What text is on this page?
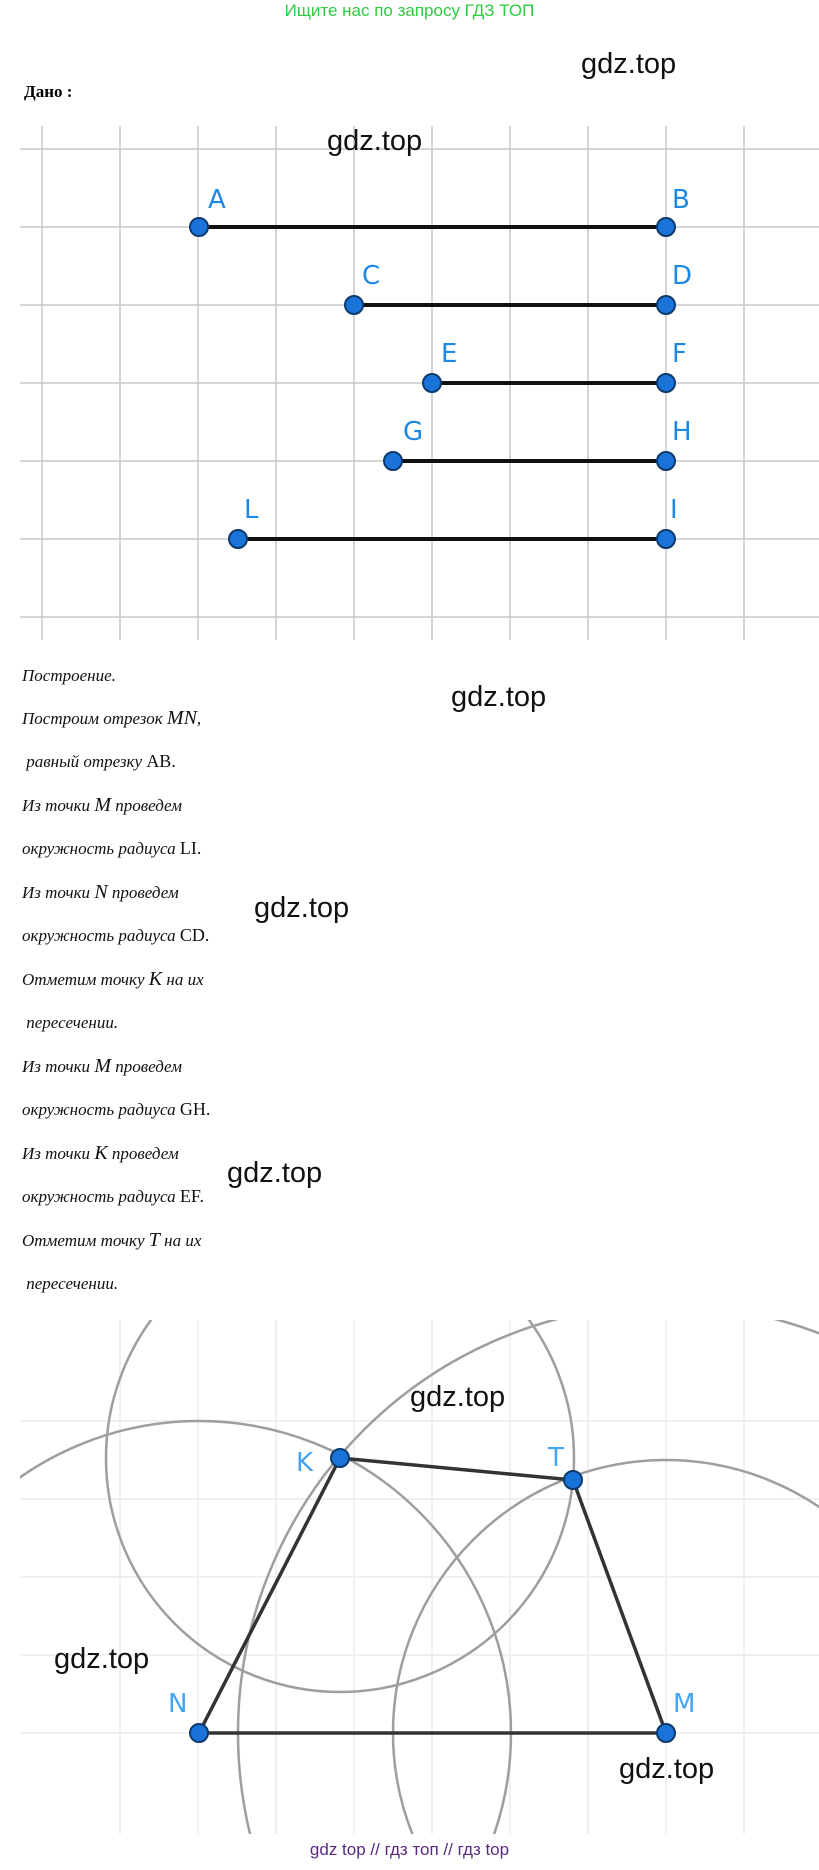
Ищите нас по запросу ГДЗ ТОП
gdz.top
Дано :
A	B
C	D
E	F
G	H
L	I
gdz.top
Построение.
Построим отрезок MN,
равный отрезку AB.
Из точки M проведем
окружность радиуса LI.
Из точки N проведем
окружность радиуса CD.
Отметим точку K на их
пересечении.
Из точки M проведем
окружность радиуса GH.
Из точки K проведем
окружность радиуса EF.
Отметим точку T на их
пересечении.
gdz.top
gdz.top
gdz.top
K	T
N	M
gdz.top
gdz.top
gdz.top
gdz top // гдз топ // гдз top
